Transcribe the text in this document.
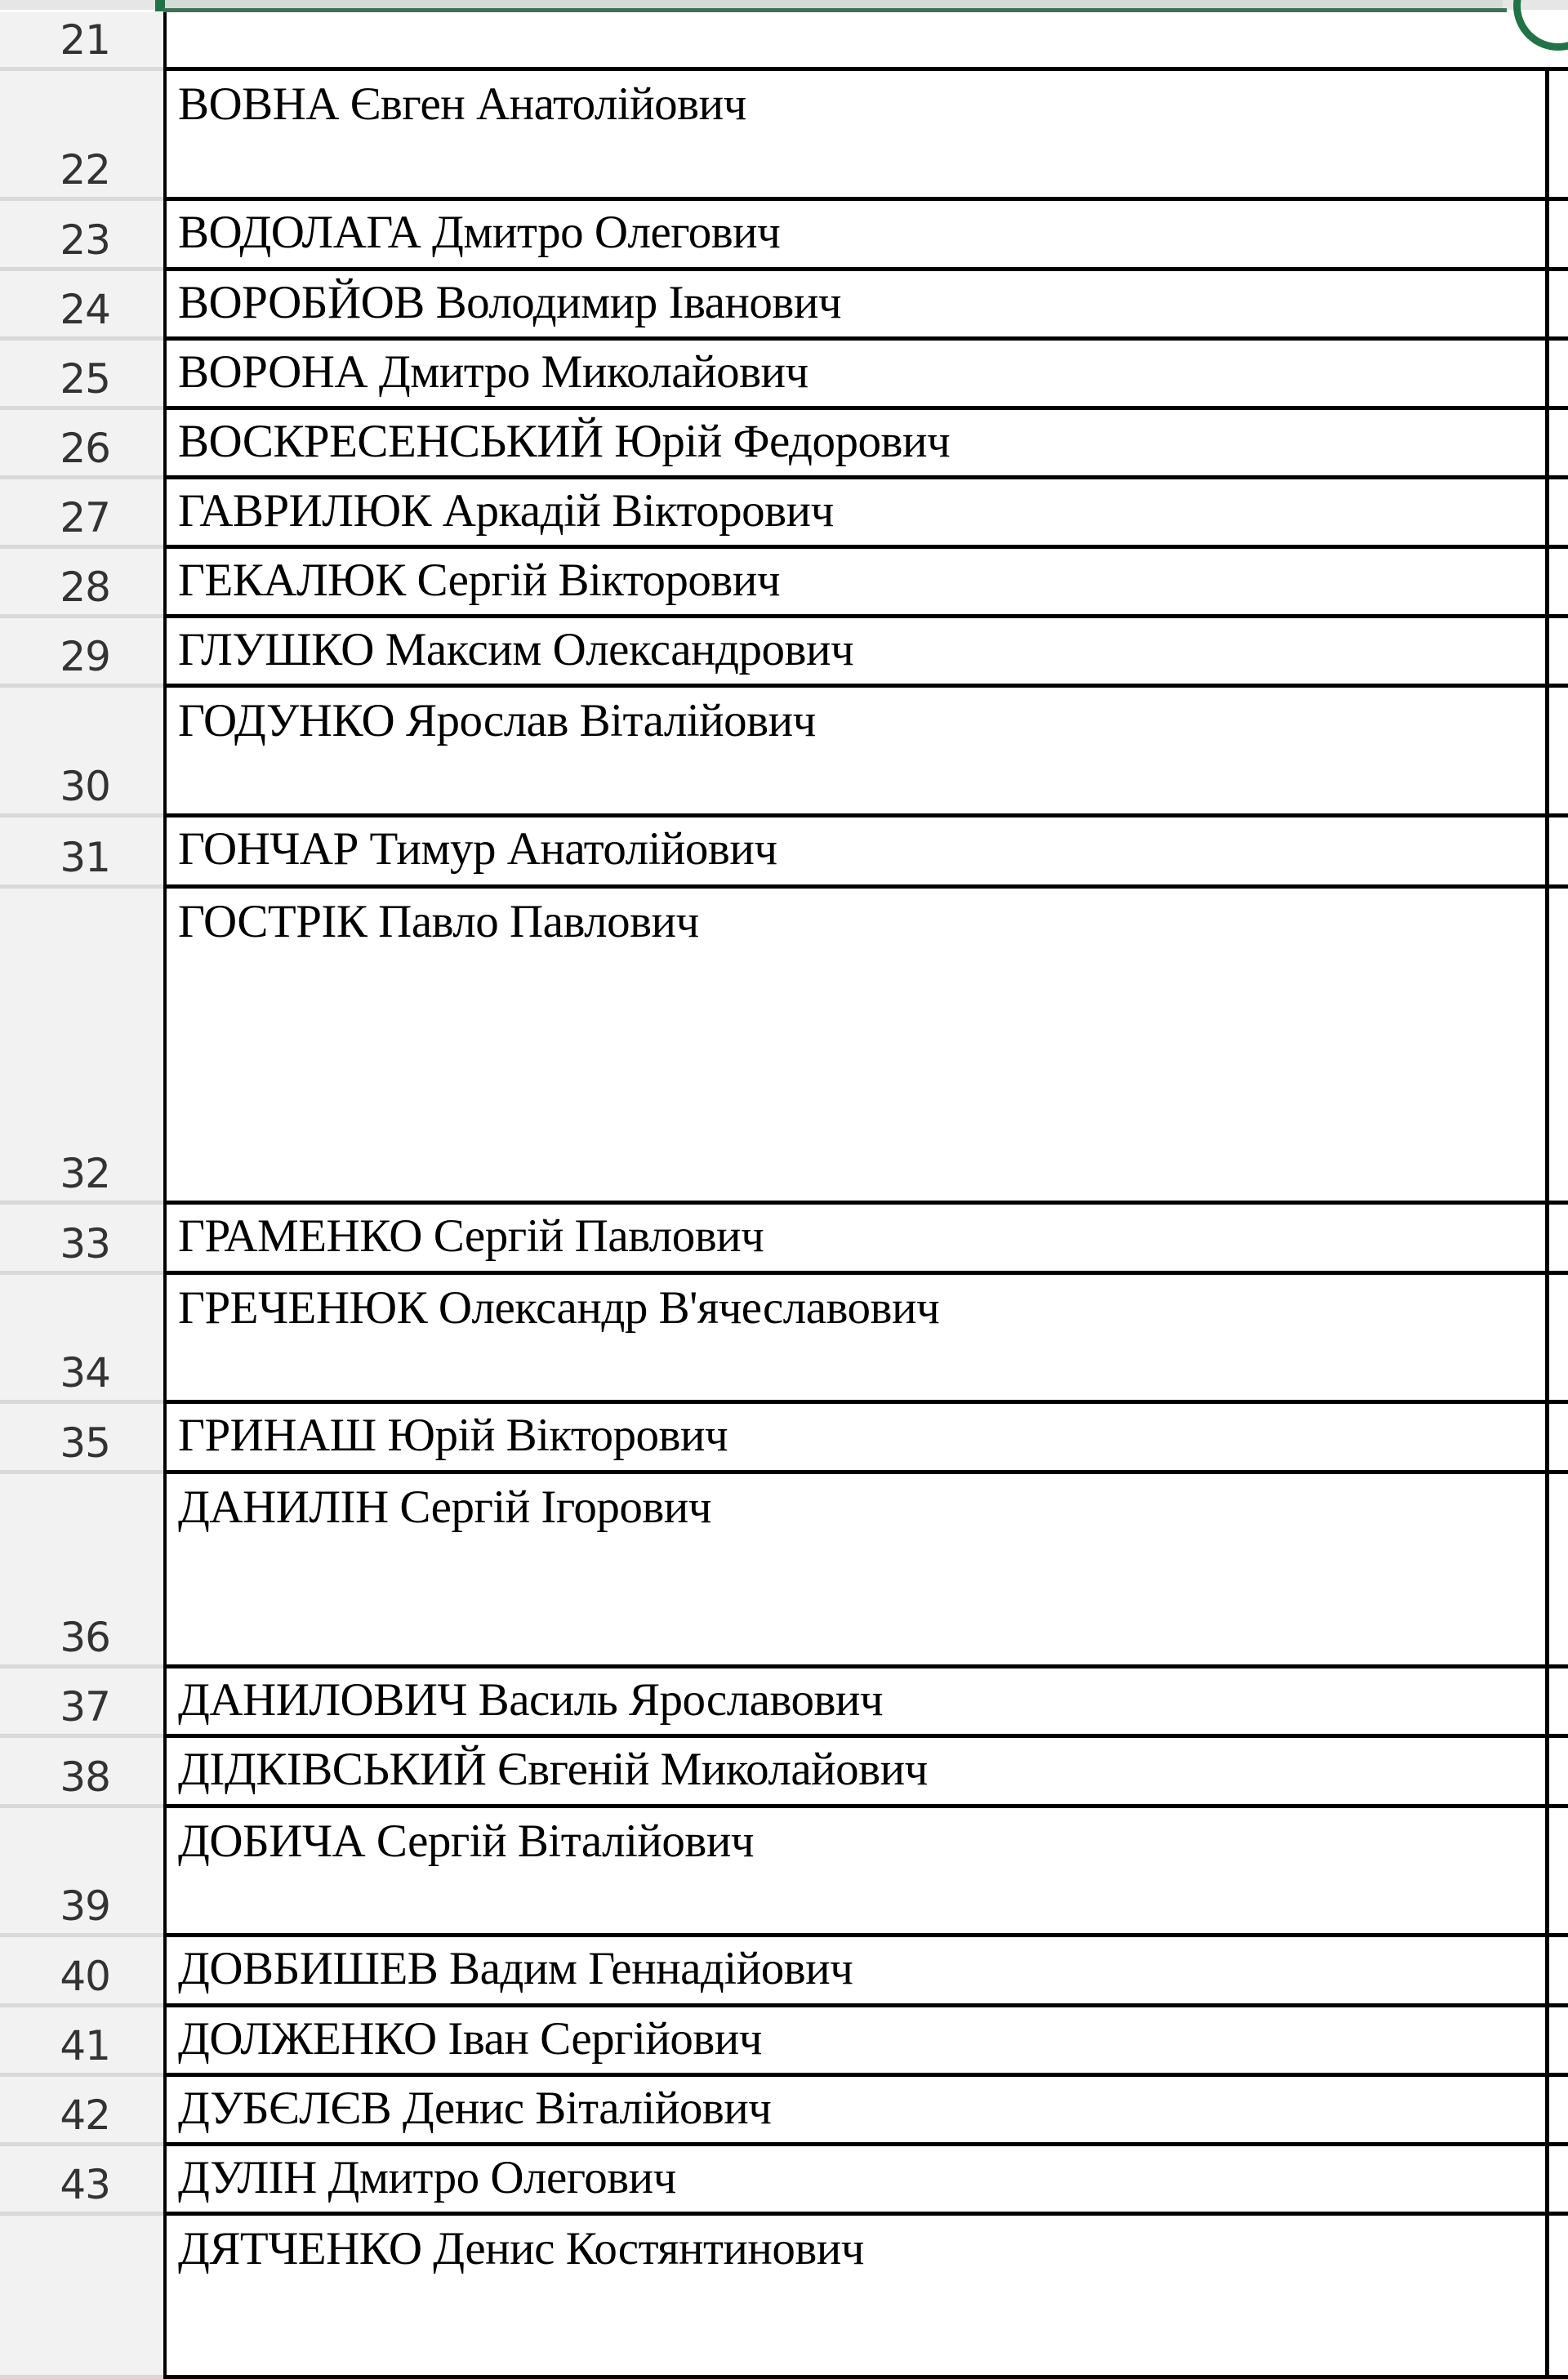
21
22
ВОВНА Євген Анатолійович
23 ВОДОЛАГА Дмитро Олегович
24 ВОРОБЙОВ Володимир Іванович
25 ВОРОНА Дмитро Миколайович
26 ВОСКРЕСЕНСЬКИЙ Юрій Федорович
27 ГАВРИЛЮК Аркадій Вікторович
28 ГЕКАЛЮК Сергій Вікторович
29 ГЛУШКО Максим Олександрович
30
ГОДУНКО Ярослав Віталійович
31 ГОНЧАР Тимур Анатолійович
32
ГОСТРІК Павло Павлович
33 ГРАМЕНКО Сергій Павлович
34
ГРЕЧЕНЮК Олександр В'ячеславович
35 ГРИНАШ Юрій Вікторович
36
ДАНИЛІН Сергій Ігорович
37 ДАНИЛОВИЧ Василь Ярославович
38 ДІДКІВСЬКИЙ Євгеній Миколайович
39
ДОБИЧА Сергій Віталійович
40 ДОВБИШЕВ Вадим Геннадійович
41 ДОЛЖЕНКО Іван Сергійович
42 ДУБЄЛЄВ Денис Віталійович
43 ДУЛІН Дмитро Олегович
ДЯТЧЕНКО Денис Костянтинович
